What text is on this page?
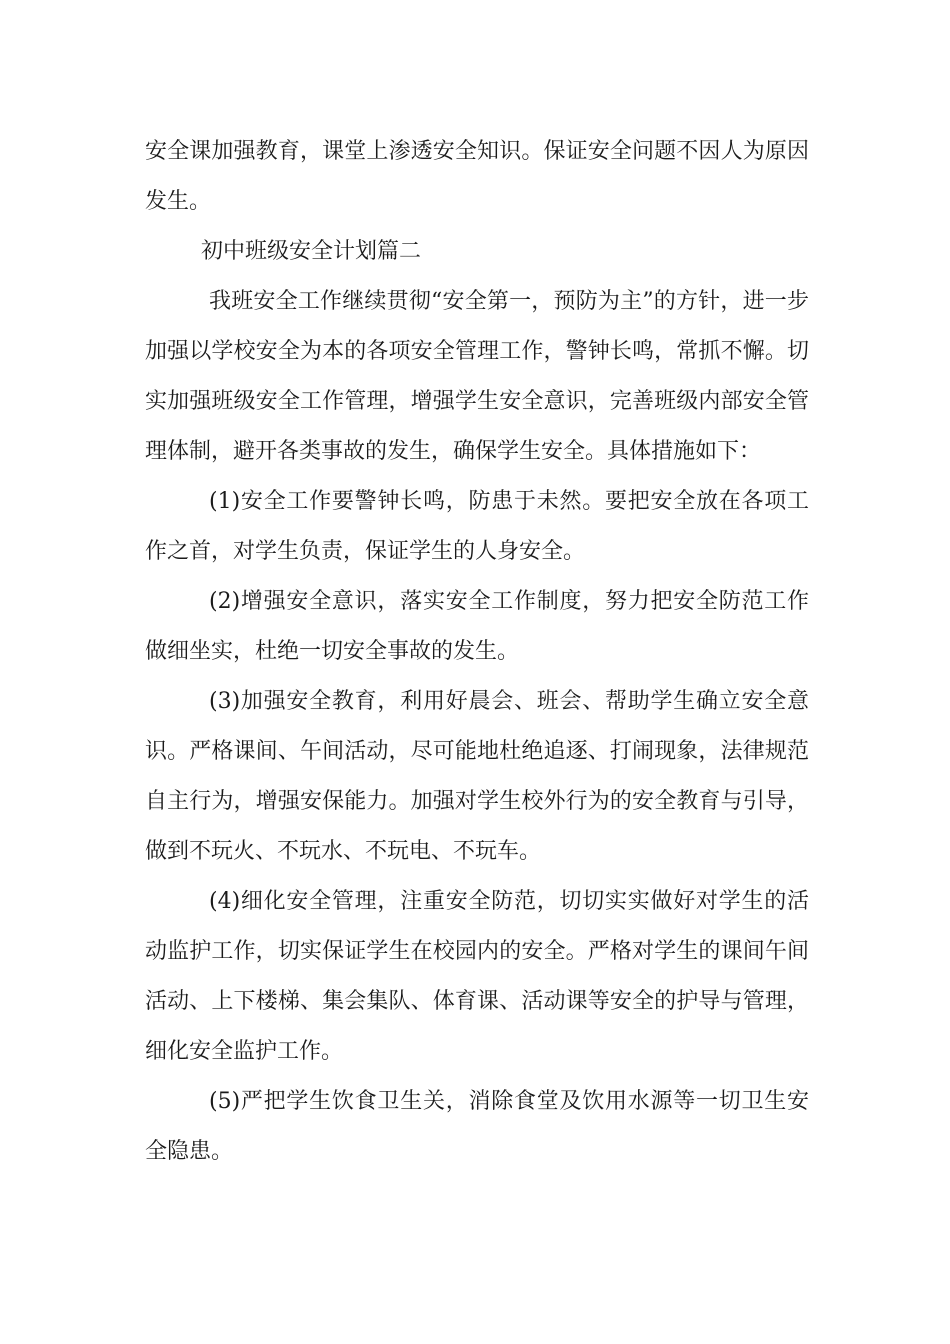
安全课加强教育，课堂上渗透安全知识。保证安全问题不因人为原因发生。

初中班级安全计划篇二

我班安全工作继续贯彻“安全第一，预防为主”的方针，进一步加强以学校安全为本的各项安全管理工作，警钟长鸣，常抓不懈。切实加强班级安全工作管理，增强学生安全意识，完善班级内部安全管理体制，避开各类事故的发生，确保学生安全。具体措施如下：

(1)安全工作要警钟长鸣，防患于未然。要把安全放在各项工作之首，对学生负责，保证学生的人身安全。

(2)增强安全意识，落实安全工作制度，努力把安全防范工作做细坐实，杜绝一切安全事故的发生。

(3)加强安全教育，利用好晨会、班会、帮助学生确立安全意识。严格课间、午间活动，尽可能地杜绝追逐、打闹现象，法律规范自主行为，增强安保能力。加强对学生校外行为的安全教育与引导，做到不玩火、不玩水、不玩电、不玩车。

(4)细化安全管理，注重安全防范，切切实实做好对学生的活动监护工作，切实保证学生在校园内的安全。严格对学生的课间午间活动、上下楼梯、集会集队、体育课、活动课等安全的护导与管理，细化安全监护工作。

(5)严把学生饮食卫生关，消除食堂及饮用水源等一切卫生安全隐患。
